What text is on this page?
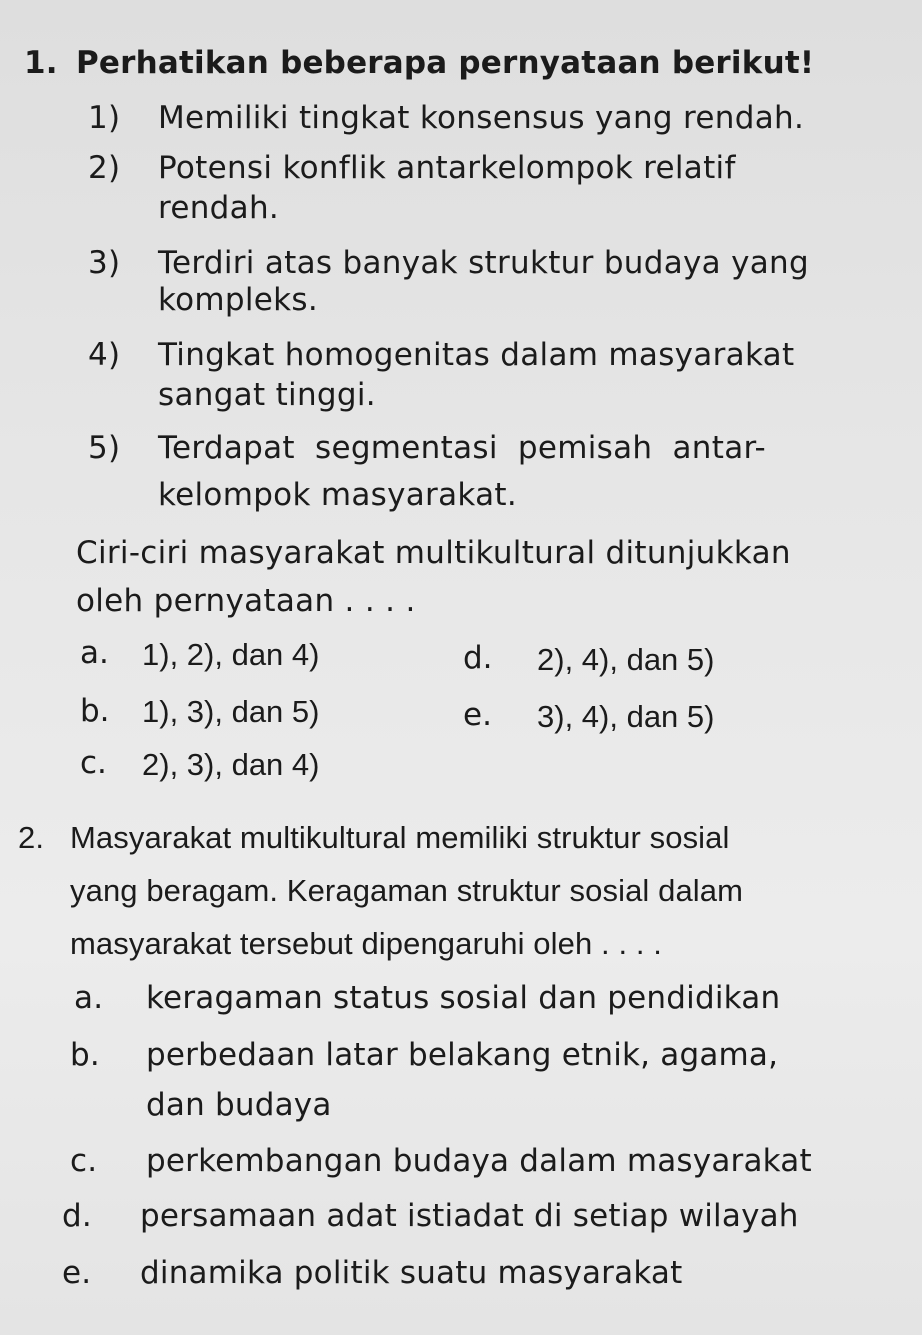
1. Perhatikan beberapa pernyataan berikut!
1) Memiliki tingkat konsensus yang rendah.
2) Potensi konflik antarkelompok relatif
rendah.
3) Terdiri atas banyak struktur budaya yang
kompleks.
4) Tingkat homogenitas dalam masyarakat
sangat tinggi.
5) Terdapat segmentasi pemisah antar-
kelompok masyarakat.
Ciri-ciri masyarakat multikultural ditunjukkan
oleh pernyataan . . . .
a. 1), 2), dan 4)	d. 2), 4), dan 5)
b. 1), 3), dan 5)	e. 3), 4), dan 5)
c. 2), 3), dan 4)
2. Masyarakat multikultural memiliki struktur sosial
yang beragam. Keragaman struktur sosial dalam
masyarakat tersebut dipengaruhi oleh . . . .
a. keragaman status sosial dan pendidikan
b. perbedaan latar belakang etnik, agama,
dan budaya
c. perkembangan budaya dalam masyarakat
d. persamaan adat istiadat di setiap wilayah
e. dinamika politik suatu masyarakat
